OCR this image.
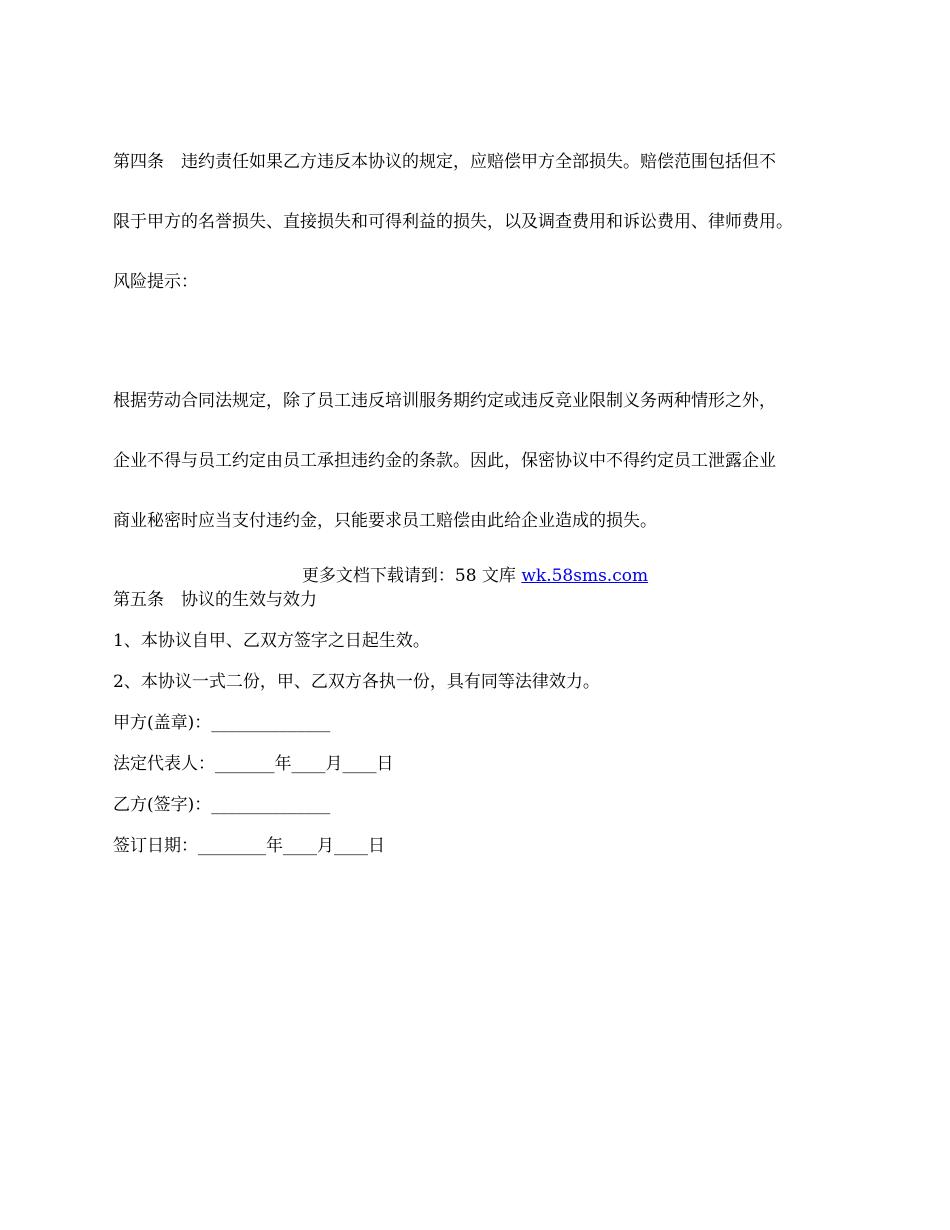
第四条　违约责任如果乙方违反本协议的规定，应赔偿甲方全部损失。赔偿范围包括但不

限于甲方的名誉损失、直接损失和可得利益的损失，以及调查费用和诉讼费用、律师费用。

风险提示：

根据劳动合同法规定，除了员工违反培训服务期约定或违反竞业限制义务两种情形之外，

企业不得与员工约定由员工承担违约金的条款。因此，保密协议中不得约定员工泄露企业

商业秘密时应当支付违约金，只能要求员工赔偿由此给企业造成的损失。

第五条　协议的生效与效力
1、本协议自甲、乙双方签字之日起生效。
2、本协议一式二份，甲、乙双方各执一份，具有同等法律效力。
甲方(盖章)：______________
法定代表人：_______年____月____日
乙方(签字)：______________
签订日期：________年____月____日
更多文档下载请到：58 文库 wk.58sms.com
